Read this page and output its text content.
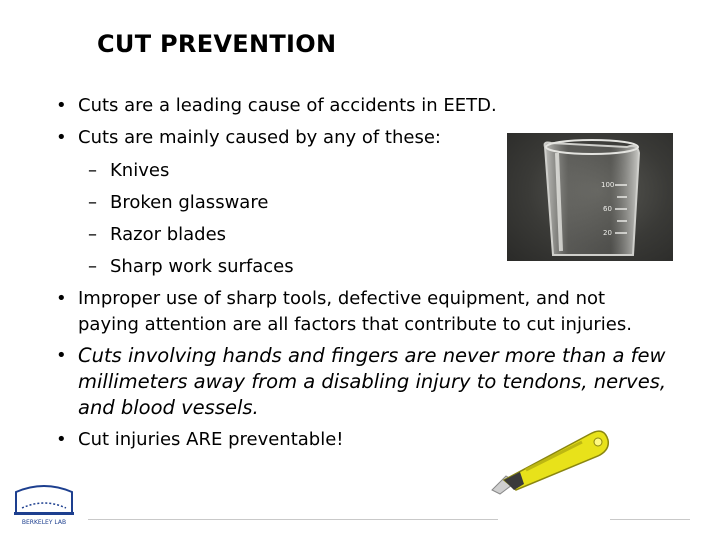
CUT PREVENTION
100
60
20
• Cuts are a leading cause of accidents in EETD.
• Cuts are mainly caused by any of these:
– Knives
– Broken glassware
– Razor blades
– Sharp work surfaces
• Improper use of sharp tools, defective equipment, and not
paying attention are all factors that contribute to cut injuries.
• Cuts involving hands and fingers are never more than a few
millimeters away from a disabling injury to tendons, nerves,
and blood vessels.
• Cut injuries ARE preventable!
BERKELEY LAB
